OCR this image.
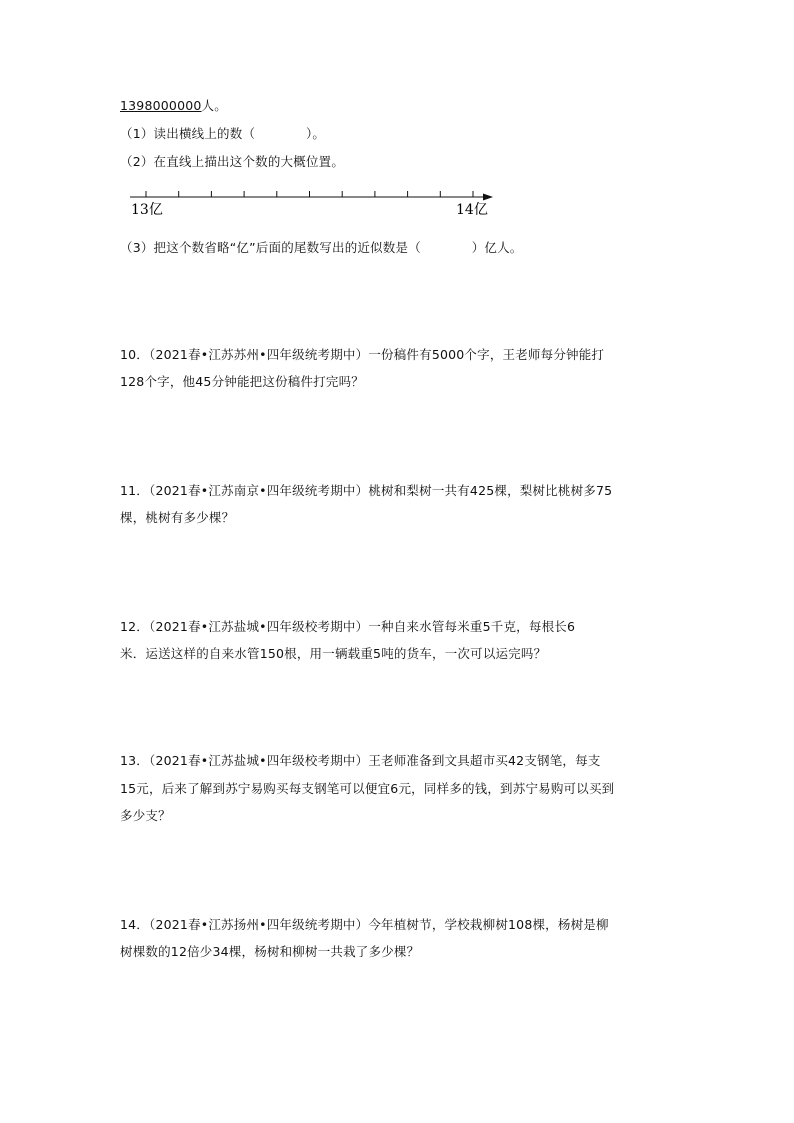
1398000000人。
（1）读出横线上的数（　　　　）。
（2）在直线上描出这个数的大概位置。
13亿	14亿
（3）把这个数省略“亿”后面的尾数写出的近似数是（　　　　）亿人。
10．（2021春•江苏苏州•四年级统考期中）一份稿件有5000个字，王老师每分钟能打
128个字，他45分钟能把这份稿件打完吗？
11．（2021春•江苏南京•四年级统考期中）桃树和梨树一共有425棵，梨树比桃树多75
棵，桃树有多少棵？
12．（2021春•江苏盐城•四年级校考期中）一种自来水管每米重5千克，每根长6
米．运送这样的自来水管150根，用一辆载重5吨的货车，一次可以运完吗？
13．（2021春•江苏盐城•四年级校考期中）王老师准备到文具超市买42支钢笔，每支
15元，后来了解到苏宁易购买每支钢笔可以便宜6元，同样多的钱，到苏宁易购可以买到
多少支？
14．（2021春•江苏扬州•四年级统考期中）今年植树节，学校栽柳树108棵，杨树是柳
树棵数的12倍少34棵，杨树和柳树一共栽了多少棵？
